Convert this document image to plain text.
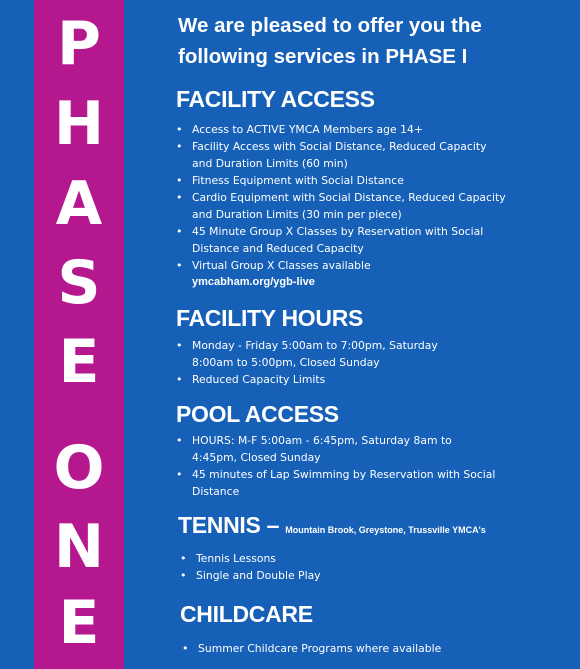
P
H
A
S
E
O
N
E

We are pleased to offer you the following services in PHASE I

FACILITY ACCESS
• Access to ACTIVE YMCA Members age 14+
• Facility Access with Social Distance, Reduced Capacity and Duration Limits (60 min)
• Fitness Equipment with Social Distance
• Cardio Equipment with Social Distance, Reduced Capacity and Duration Limits (30 min per piece)
• 45 Minute Group X Classes by Reservation with Social Distance and Reduced Capacity
• Virtual Group X Classes available
ymcabham.org/ygb-live
FACILITY HOURS
• Monday - Friday 5:00am to 7:00pm, Saturday 8:00am to 5:00pm, Closed Sunday
• Reduced Capacity Limits
POOL ACCESS
• HOURS: M-F 5:00am - 6:45pm, Saturday 8am to 4:45pm, Closed Sunday
• 45 minutes of Lap Swimming by Reservation with Social Distance
TENNIS – Mountain Brook, Greystone, Trussville YMCA's
• Tennis Lessons
• Single and Double Play
CHILDCARE
• Summer Childcare Programs where available
